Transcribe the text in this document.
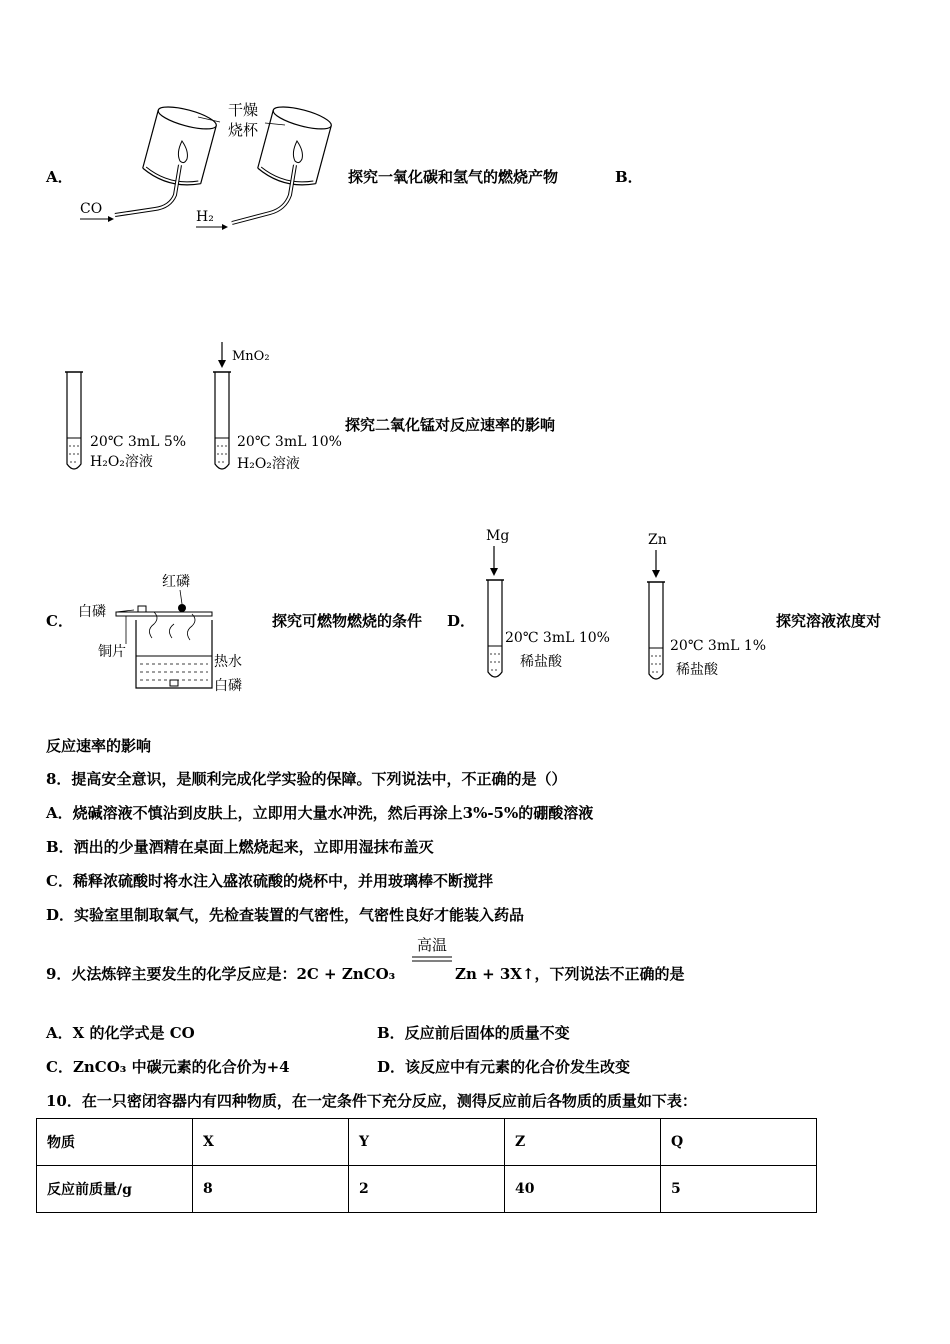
A．
CO	H₂
干燥
烧杯
探究一氧化碳和氢气的燃烧产物	B．
20℃ 3mL 5%
H₂O₂溶液
MnO₂
20℃ 3mL 10%
H₂O₂溶液
探究二氧化锰对反应速率的影响
C．
红磷
白磷
铜片
热水
白磷
探究可燃物燃烧的条件 D．
Mg
20℃ 3mL 10%
稀盐酸
Zn
20℃ 3mL 1%
稀盐酸
探究溶液浓度对
反应速率的影响
8．提高安全意识，是顺利完成化学实验的保障。下列说法中，不正确的是（）
A．烧碱溶液不慎沾到皮肤上，立即用大量水冲洗，然后再涂上3%-5%的硼酸溶液
B．洒出的少量酒精在桌面上燃烧起来，立即用湿抹布盖灭
C．稀释浓硫酸时将水注入盛浓硫酸的烧杯中，并用玻璃棒不断搅拌
D．实验室里制取氧气，先检查装置的气密性，气密性良好才能装入药品
9．火法炼锌主要发生的化学反应是：2C + ZnCO₃
高温
Zn + 3X↑，下列说法不正确的是
A．X 的化学式是 CO	B．反应前后固体的质量不变
C．ZnCO₃ 中碳元素的化合价为+4	D．该反应中有元素的化合价发生改变
10．在一只密闭容器内有四种物质，在一定条件下充分反应，测得反应前后各物质的质量如下表：
物质	X	Y	Z	Q
反应前质量/g	8	2	40	5
